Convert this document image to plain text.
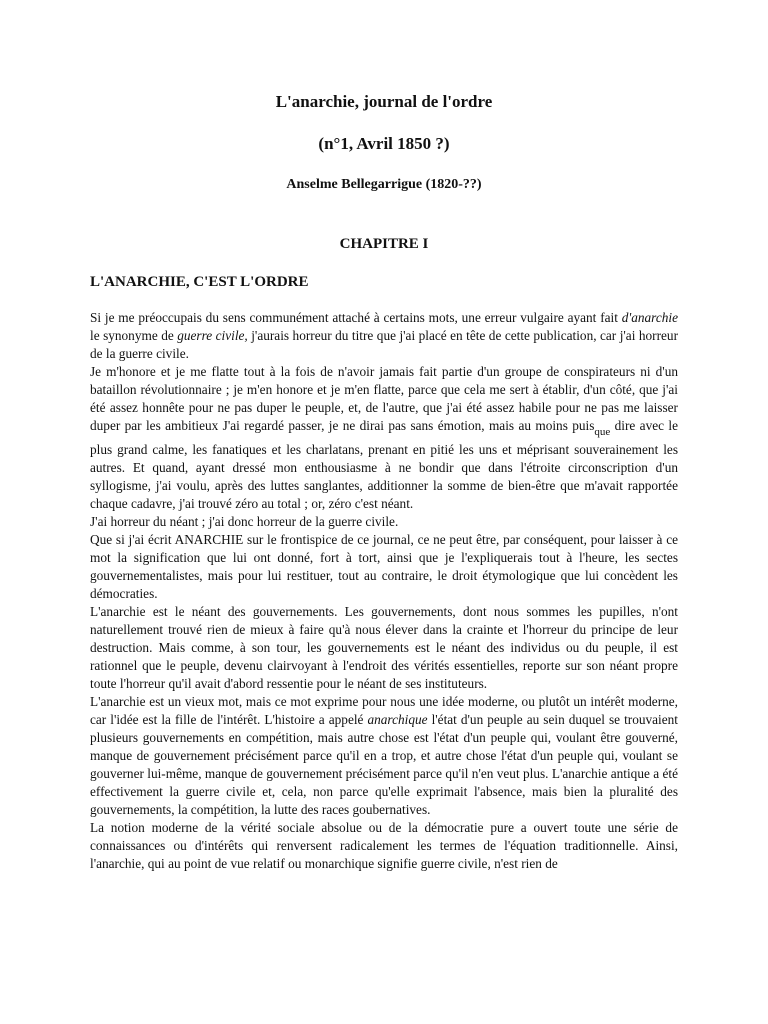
L'anarchie, journal de l'ordre
(n°1, Avril 1850 ?)
Anselme Bellegarrigue (1820-??)
CHAPITRE I
L'ANARCHIE, C'EST L'ORDRE

Si je me préoccupais du sens communément attaché à certains mots, une erreur vulgaire ayant fait d'anarchie le synonyme de guerre civile, j'aurais horreur du titre que j'ai placé en tête de cette publication, car j'ai horreur de la guerre civile.

Je m'honore et je me flatte tout à la fois de n'avoir jamais fait partie d'un groupe de conspirateurs ni d'un bataillon révolutionnaire ; je m'en honore et je m'en flatte, parce que cela me sert à établir, d'un côté, que j'ai été assez honnête pour ne pas duper le peuple, et, de l'autre, que j'ai été assez habile pour ne pas me laisser duper par les ambitieux J'ai regardé passer, je ne dirai pas sans émotion, mais au moins puis$_{que}$ dire avec le plus grand calme, les fanatiques et les charlatans, prenant en pitié les uns et méprisant souverainement les autres. Et quand, ayant dressé mon enthousiasme à ne bondir que dans l'étroite circonscription d'un syllogisme, j'ai voulu, après des luttes sanglantes, additionner la somme de bien-être que m'avait rapportée chaque cadavre, j'ai trouvé zéro au total ; or, zéro c'est néant.

J'ai horreur du néant ; j'ai donc horreur de la guerre civile.

Que si j'ai écrit ANARCHIE sur le frontispice de ce journal, ce ne peut être, par conséquent, pour laisser à ce mot la signification que lui ont donné, fort à tort, ainsi que je l'expliquerais tout à l'heure, les sectes gouvernementalistes, mais pour lui restituer, tout au contraire, le droit étymologique que lui concèdent les démocraties.

L'anarchie est le néant des gouvernements. Les gouvernements, dont nous sommes les pupilles, n'ont naturellement trouvé rien de mieux à faire qu'à nous élever dans la crainte et l'horreur du principe de leur destruction. Mais comme, à son tour, les gouvernements est le néant des individus ou du peuple, il est rationnel que le peuple, devenu clairvoyant à l'endroit des vérités essentielles, reporte sur son néant propre toute l'horreur qu'il avait d'abord ressentie pour le néant de ses instituteurs.

L'anarchie est un vieux mot, mais ce mot exprime pour nous une idée moderne, ou plutôt un intérêt moderne, car l'idée est la fille de l'intérêt. L'histoire a appelé anarchique l'état d'un peuple au sein duquel se trouvaient plusieurs gouvernements en compétition, mais autre chose est l'état d'un peuple qui, voulant être gouverné, manque de gouvernement précisément parce qu'il en a trop, et autre chose l'état d'un peuple qui, voulant se gouverner lui-même, manque de gouvernement précisément parce qu'il n'en veut plus. L'anarchie antique a été effectivement la guerre civile et, cela, non parce qu'elle exprimait l'absence, mais bien la pluralité des gouvernements, la compétition, la lutte des races goubernatives.

La notion moderne de la vérité sociale absolue ou de la démocratie pure a ouvert toute une série de connaissances ou d'intérêts qui renversent radicalement les termes de l'équation traditionnelle. Ainsi, l'anarchie, qui au point de vue relatif ou monarchique signifie guerre civile, n'est rien de
